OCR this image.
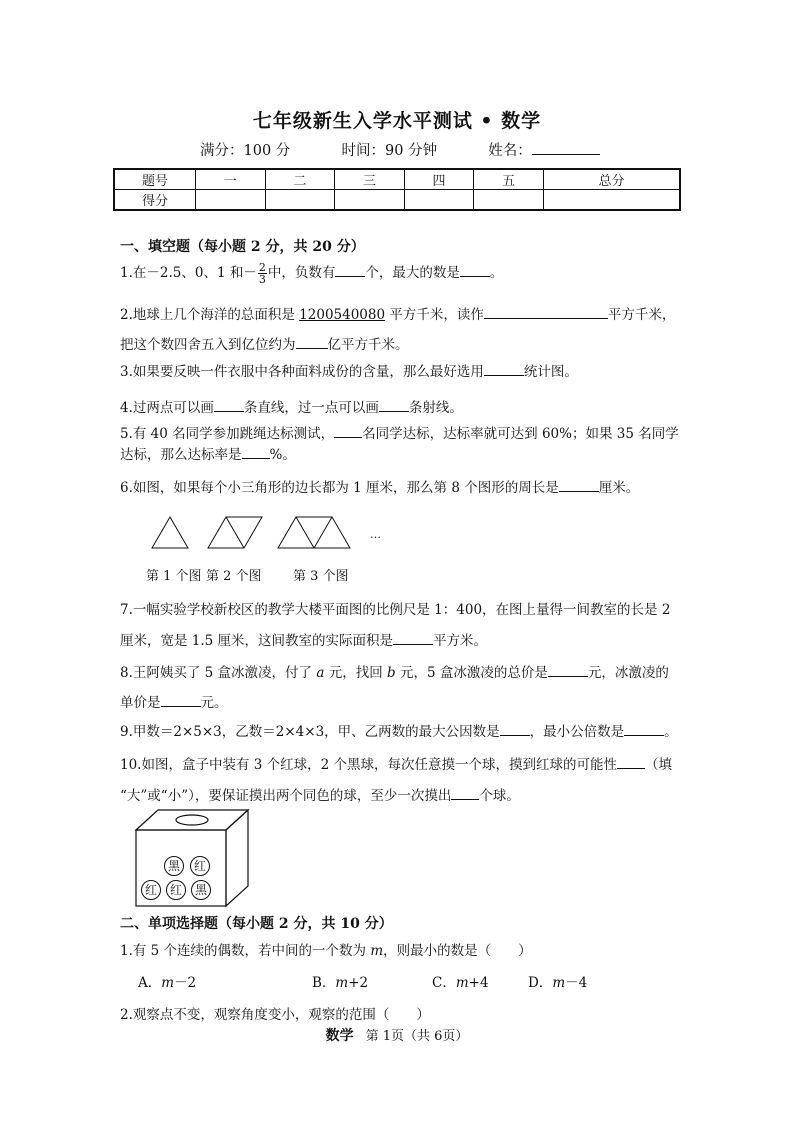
七年级新生入学水平测试 • 数学
满分：100 分	时间：90 分钟	姓名：
题号	一	二	三	四	五	总分
得分						
一、填空题（每小题 2 分，共 20 分）
1.在－2.5、0、1 和－ $\frac{2}{3}$ 中，负数有 个，最大的数是 。
2.地球上几个海洋的总面积是 1200540080 平方千米，读作	平方千米，
把这个数四舍五入到亿位约为 亿平方千米。
3.如果要反映一件衣服中各种面料成份的含量，那么最好选用	统计图。
4.过两点可以画 条直线，过一点可以画 条射线。
5.有 40 名同学参加跳绳达标测试， 名同学达标，达标率就可达到 60%；如果 35 名同学
达标，那么达标率是 %。
6.如图，如果每个小三角形的边长都为 1 厘米，那么第 8 个图形的周长是	厘米。
…
第 1 个图 第 2 个图 第 3 个图
7.一幅实验学校新校区的教学大楼平面图的比例尺是 1：400，在图上量得一间教室的长是 2
厘米，宽是 1.5 厘米，这间教室的实际面积是	平方米。
8.王阿姨买了 5 盒冰激凌，付了 a 元，找回 b 元，5 盒冰激凌的总价是	元，冰激凌的
单价是	元。
9.甲数＝2×5×3，乙数＝2×4×3，甲、乙两数的最大公因数是 ，最小公倍数是	。
10.如图，盒子中装有 3 个红球，2 个黑球，每次任意摸一个球，摸到红球的可能性 （填
“大”或“小”），要保证摸出两个同色的球，至少一次摸出 个球。
黑	红
红	红	黑
二、单项选择题（每小题 2 分，共 10 分）
1.有 5 个连续的偶数，若中间的一个数为 m，则最小的数是（　　）
A．m－2	B．m+2	C．m+4	D．m－4
2.观察点不变，观察角度变小，观察的范围（　　）
数学 第 1页（共 6页）
